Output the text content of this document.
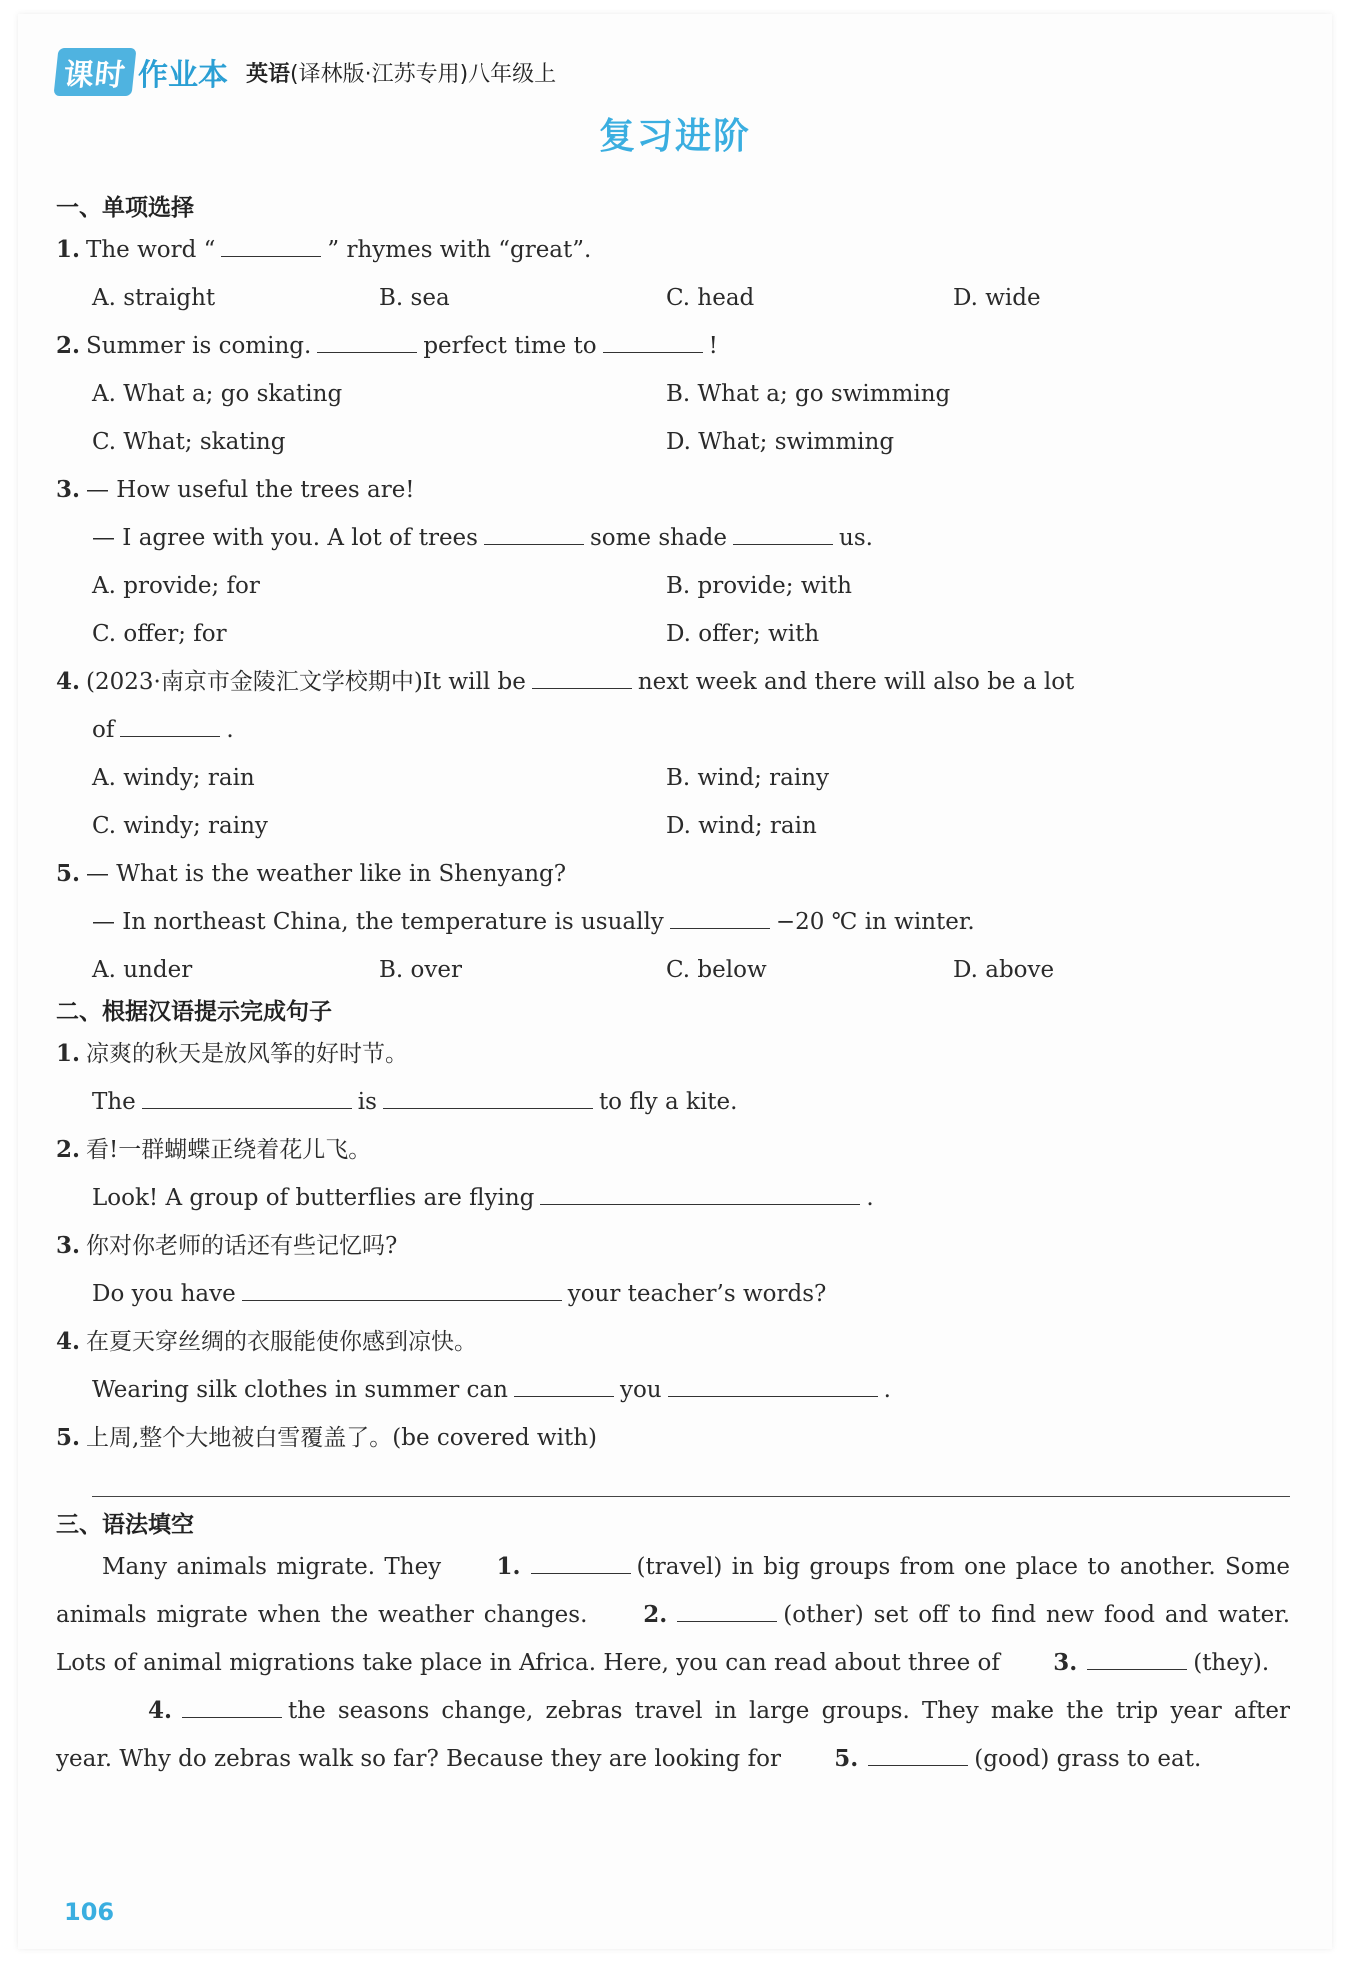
课时 作业本 英语(译林版·江苏专用)八年级上
复习进阶
一、单项选择
1. The word “	” rhymes with “great”.
A. straight	B. sea	C. head	D. wide
2. Summer is coming.	perfect time to	!
A. What a; go skating	B. What a; go swimming
C. What; skating	D. What; swimming
3. — How useful the trees are!
— I agree with you. A lot of trees	some shade	us.
A. provide; for	B. provide; with
C. offer; for	D. offer; with
4. (2023·南京市金陵汇文学校期中)It will be	next week and there will also be a lot
of	.
A. windy; rain	B. wind; rainy
C. windy; rainy	D. wind; rain
5. — What is the weather like in Shenyang?
— In northeast China, the temperature is usually	−20 ℃ in winter.
A. under	B. over	C. below	D. above
二、根据汉语提示完成句子
1. 凉爽的秋天是放风筝的好时节。
The	is	to fly a kite.
2. 看!一群蝴蝶正绕着花儿飞。
Look! A group of butterflies are flying	.
3. 你对你老师的话还有些记忆吗?
Do you have	your teacher’s words?
4. 在夏天穿丝绸的衣服能使你感到凉快。
Wearing silk clothes in summer can	you	.
5. 上周,整个大地被白雪覆盖了。(be covered with)
三、语法填空
Many animals migrate. They 1.	(travel) in big groups from one place to another. Some animals migrate when the weather changes. 2.	(other) set off to find new food and water. Lots of animal migrations take place in Africa. Here, you can read about three of 3.	(they).
4.	the seasons change, zebras travel in large groups. They make the trip year after year. Why do zebras walk so far? Because they are looking for 5.	(good) grass to eat.
106
